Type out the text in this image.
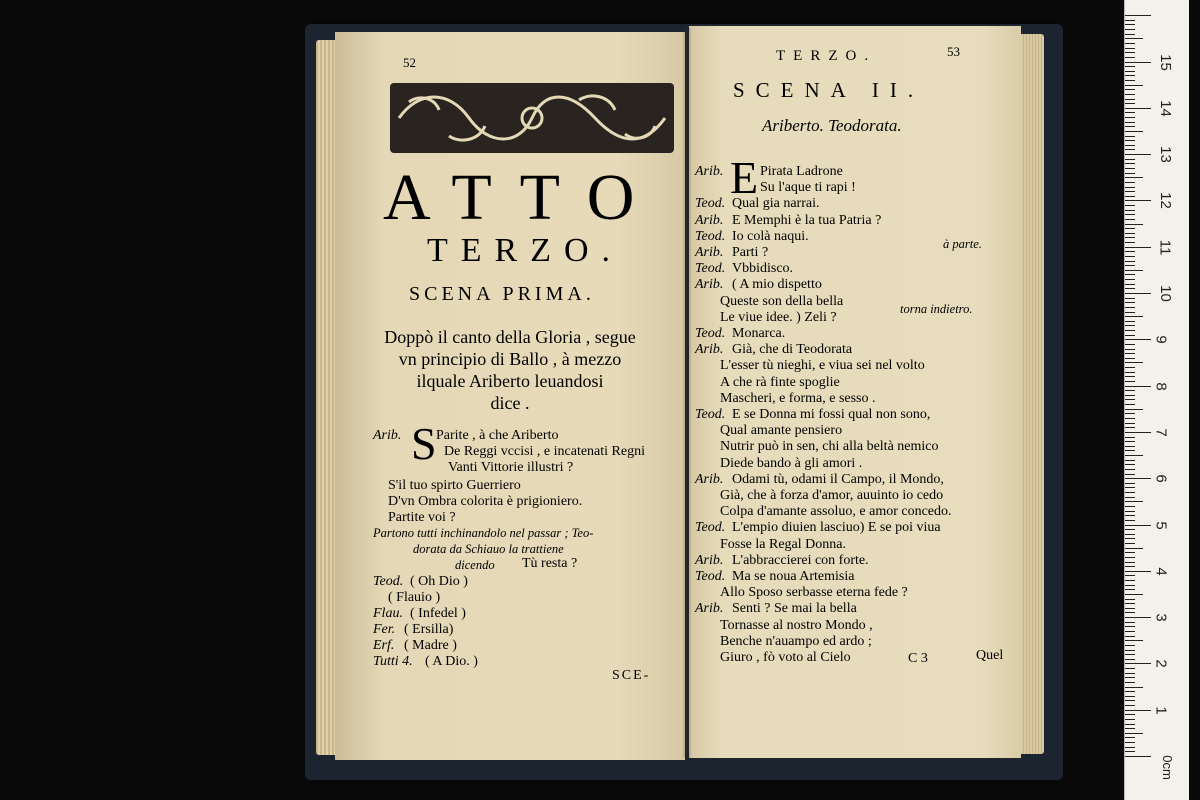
52
ATTO
TERZO.
SCENA PRIMA.
Doppò il canto della Gloria , segue
vn principio di Ballo , à mezzo
ilquale Ariberto leuandosi
dice .
Arib. S Parite , à che Ariberto
De Reggi vccisi , e incatenati Regni
Vanti Vittorie illustri ?
S'il tuo spirto Guerriero
D'vn Ombra colorita è prigioniero.
Partite voi ?
Partono tutti inchinandolo nel passar ; Teo-
dorata da Schiauo la trattiene
dicendo Tù resta ?
Teod. ( Oh Dio )
( Flauio )
Flau. ( Infedel )
Fer. ( Ersilla)
Erf. ( Madre )
Tutti 4. ( A Dio. )
SCE-
TERZO.	53
SCENA II.
Ariberto. Teodorata.
Arib. E Pirata Ladrone
Su l'aque ti rapi !
Teod. Qual gia narrai.
Arib. E Memphi è la tua Patria ?
Teod. Io colà naqui.
Arib. Parti ?
à parte.
Teod. Vbbidisco.
Arib. ( A mio dispetto
Queste son della bella
Le viue idee. ) Zeli ?
torna indietro.
Teod. Monarca.
Arib. Già, che di Teodorata
L'esser tù nieghi, e viua sei nel volto
A che rà finte spoglie
Mascheri, e forma, e sesso .
Teod. E se Donna mi fossi qual non sono,
Qual amante pensiero
Nutrir può in sen, chi alla beltà nemico
Diede bando à gli amori .
Arib. Odami tù, odami il Campo, il Mondo,
Già, che à forza d'amor, auuinto io cedo
Colpa d'amante assoluo, e amor concedo.
Teod. L'empio diuien lasciuo) E se poi viua
Fosse la Regal Donna.
Arib. L'abbraccierei con forte.
Teod. Ma se noua Artemisia
Allo Sposo serbasse eterna fede ?
Arib. Senti ? Se mai la bella
Tornasse al nostro Mondo ,
Benche n'auampo ed ardo ;
Giuro , fò voto al Cielo	C 3	Quel
15
14
13
12
11
10
9
8
7
6
5
4
3
2
1
0cm
